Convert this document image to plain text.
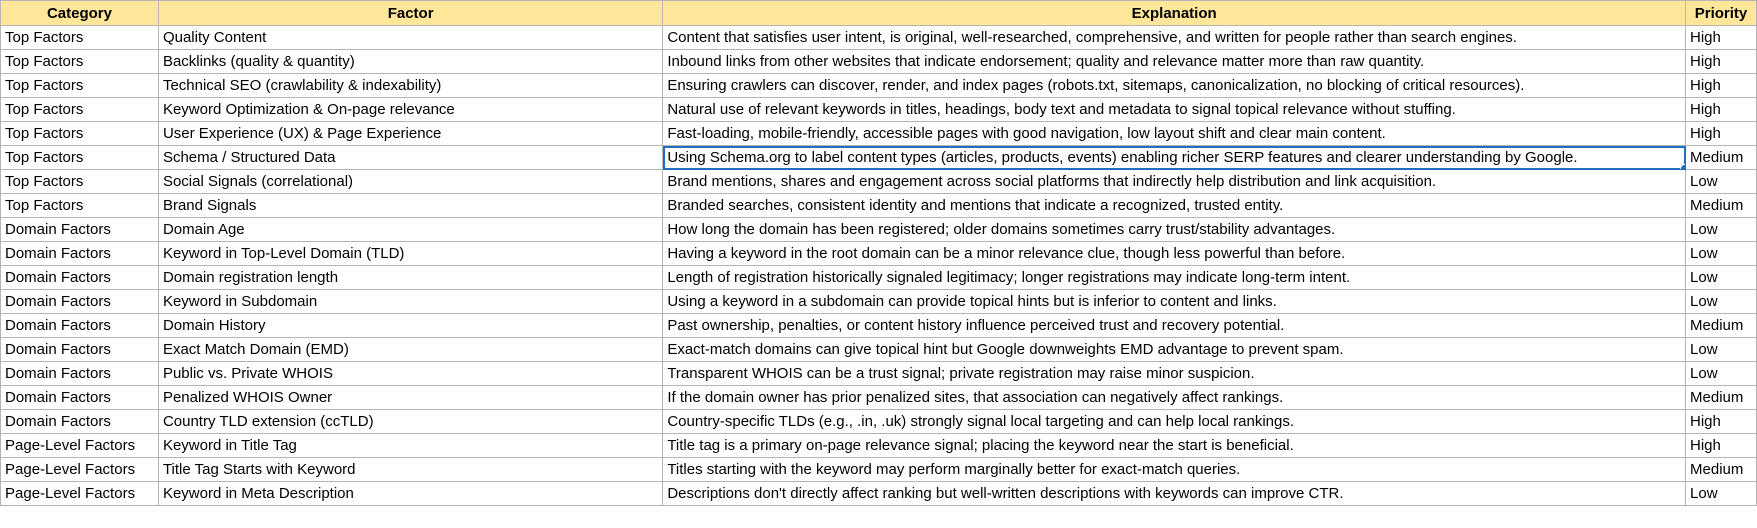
Category	Factor	Explanation	Priority
Top Factors	Quality Content	Content that satisfies user intent, is original, well-researched, comprehensive, and written for people rather than search engines.	High
Top Factors	Backlinks (quality & quantity)	Inbound links from other websites that indicate endorsement; quality and relevance matter more than raw quantity.	High
Top Factors	Technical SEO (crawlability & indexability)	Ensuring crawlers can discover, render, and index pages (robots.txt, sitemaps, canonicalization, no blocking of critical resources).	High
Top Factors	Keyword Optimization & On-page relevance	Natural use of relevant keywords in titles, headings, body text and metadata to signal topical relevance without stuffing.	High
Top Factors	User Experience (UX) & Page Experience	Fast-loading, mobile-friendly, accessible pages with good navigation, low layout shift and clear main content.	High
Top Factors	Schema / Structured Data	Using Schema.org to label content types (articles, products, events) enabling richer SERP features and clearer understanding by Google.	Medium
Top Factors	Social Signals (correlational)	Brand mentions, shares and engagement across social platforms that indirectly help distribution and link acquisition.	Low
Top Factors	Brand Signals	Branded searches, consistent identity and mentions that indicate a recognized, trusted entity.	Medium
Domain Factors	Domain Age	How long the domain has been registered; older domains sometimes carry trust/stability advantages.	Low
Domain Factors	Keyword in Top-Level Domain (TLD)	Having a keyword in the root domain can be a minor relevance clue, though less powerful than before.	Low
Domain Factors	Domain registration length	Length of registration historically signaled legitimacy; longer registrations may indicate long-term intent.	Low
Domain Factors	Keyword in Subdomain	Using a keyword in a subdomain can provide topical hints but is inferior to content and links.	Low
Domain Factors	Domain History	Past ownership, penalties, or content history influence perceived trust and recovery potential.	Medium
Domain Factors	Exact Match Domain (EMD)	Exact-match domains can give topical hint but Google downweights EMD advantage to prevent spam.	Low
Domain Factors	Public vs. Private WHOIS	Transparent WHOIS can be a trust signal; private registration may raise minor suspicion.	Low
Domain Factors	Penalized WHOIS Owner	If the domain owner has prior penalized sites, that association can negatively affect rankings.	Medium
Domain Factors	Country TLD extension (ccTLD)	Country-specific TLDs (e.g., .in, .uk) strongly signal local targeting and can help local rankings.	High
Page-Level Factors	Keyword in Title Tag	Title tag is a primary on-page relevance signal; placing the keyword near the start is beneficial.	High
Page-Level Factors	Title Tag Starts with Keyword	Titles starting with the keyword may perform marginally better for exact-match queries.	Medium
Page-Level Factors	Keyword in Meta Description	Descriptions don't directly affect ranking but well-written descriptions with keywords can improve CTR.	Low
